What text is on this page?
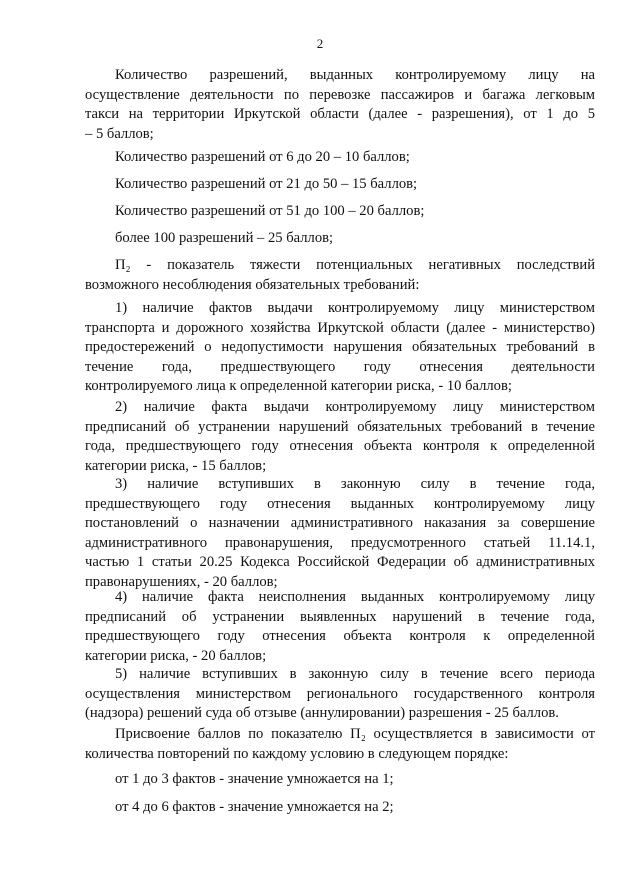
2
Количество разрешений, выданных контролируемому лицу на
осуществление деятельности по перевозке пассажиров и багажа легковым
такси на территории Иркутской области (далее - разрешения), от 1 до 5
– 5 баллов;
Количество разрешений от 6 до 20 – 10 баллов;
Количество разрешений от 21 до 50 – 15 баллов;
Количество разрешений от 51 до 100 – 20 баллов;
более 100 разрешений – 25 баллов;
П₂ - показатель тяжести потенциальных негативных последствий
возможного несоблюдения обязательных требований:
1) наличие фактов выдачи контролируемому лицу министерством
транспорта и дорожного хозяйства Иркутской области (далее - министерство)
предостережений о недопустимости нарушения обязательных требований в
течение года, предшествующего году отнесения деятельности
контролируемого лица к определенной категории риска, - 10 баллов;
2) наличие факта выдачи контролируемому лицу министерством
предписаний об устранении нарушений обязательных требований в течение
года, предшествующего году отнесения объекта контроля к определенной
категории риска, - 15 баллов;
3) наличие вступивших в законную силу в течение года,
предшествующего году отнесения выданных контролируемому лицу
постановлений о назначении административного наказания за совершение
административного правонарушения, предусмотренного статьей 11.14.1,
частью 1 статьи 20.25 Кодекса Российской Федерации об административных
правонарушениях, - 20 баллов;
4) наличие факта неисполнения выданных контролируемому лицу
предписаний об устранении выявленных нарушений в течение года,
предшествующего году отнесения объекта контроля к определенной
категории риска, - 20 баллов;
5) наличие вступивших в законную силу в течение всего периода
осуществления министерством регионального государственного контроля
(надзора) решений суда об отзыве (аннулировании) разрешения - 25 баллов.
Присвоение баллов по показателю П₂ осуществляется в зависимости от
количества повторений по каждому условию в следующем порядке:
от 1 до 3 фактов - значение умножается на 1;
от 4 до 6 фактов - значение умножается на 2;
